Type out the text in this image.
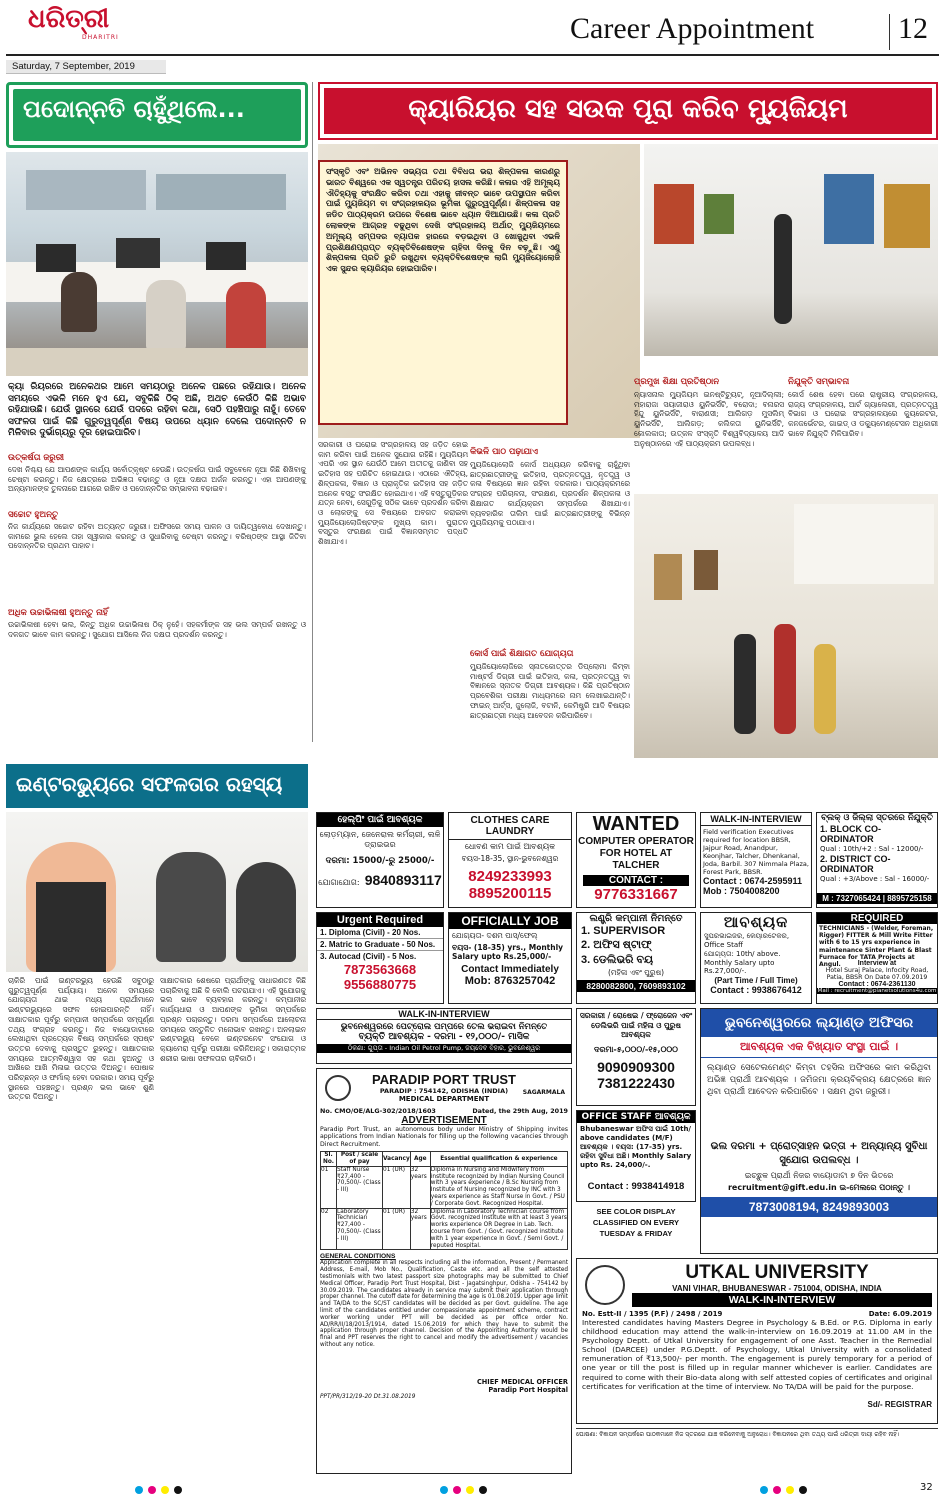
ଧରିତ୍ରୀ
DHARITRI
Saturday, 7 September, 2019
Career Appointment	12
ପଦୋନ୍ନତି ଚାହୁଁଥିଲେ...
କ୍ୟା ରିୟରରେ ଅନେକଥର ଆମେ ସମୟଠାରୁ ଅନେକ ପଛରେ ରହିଯାଉ। ଅନେକ ସମୟରେ ଏଭଳି ମନେ ହୁଏ ଯେ, ସବୁକିଛି ଠିକ୍ ଅଛି, ଅଥଚ କେଉଁଠି କିଛି ଅଭାବ ରହିଯାଉଛି। ଯେଉଁ ସ୍ଥାନରେ ଯେଉଁ ପଦରେ ରହିବା କଥା, ସେଠି ପହଞ୍ଚିପାରୁ ନାହୁଁ। ତେବେ ସଫଳତା ପାଇଁ କିଛି ଗୁରୁତ୍ୱପୂର୍ଣ୍ଣ ବିଷୟ ଉପରେ ଧ୍ୟାନ ଦେଲେ ପଦୋନ୍ନତି ନ ମିଳିବାର ଦୁର୍ଭାଗ୍ୟରୁ ଦୂର ହୋଇପାରିବ।
ଉତ୍କର୍ଷତା ଜରୁରୀ
ଦେଖ ନିଶ୍ଚୟ ଯେ ଆପଣଙ୍କ କାର୍ଯ୍ୟ ସର୍ବୋତ୍କୃଷ୍ଟ ହେଉଛି। ଉତ୍କର୍ଷତା ପାଇଁ ସବୁବେଳେ ନୂଆ କିଛି ଶିଖିବାକୁ ଚେଷ୍ଟା କରନ୍ତୁ। ନିଜ କ୍ଷେତ୍ରରେ ଅଭିଜ୍ଞତା ବଢାନ୍ତୁ ଓ ନୂଆ ଦକ୍ଷତା ଅର୍ଜନ କରନ୍ତୁ। ଏହା ଆପଣଙ୍କୁ ଅନ୍ୟମାନଙ୍କ ତୁଳନାରେ ଆଗରେ ରଖିବ ଓ ପଦୋନ୍ନତିର ସମ୍ଭାବନା ବଢାଇବ।
ସଚ୍ଚୋଟ ହୁଅନ୍ତୁ
ନିଜ କାର୍ଯ୍ୟରେ ସଚ୍ଚୋଟ ରହିବା ଅତ୍ୟନ୍ତ ଜରୁରୀ। ଅଫିସରେ ସମୟ ପାଳନ ଓ ଦାୟିତ୍ୱବୋଧ ଦେଖାନ୍ତୁ। କାମରେ ଭୁଲ ହେଲେ ତାହା ସ୍ୱୀକାର କରନ୍ତୁ ଓ ସୁଧାରିବାକୁ ଚେଷ୍ଟା କରନ୍ତୁ। ବରିଷ୍ଠଙ୍କ ଆସ୍ଥା ଜିତିବା ପଦୋନ୍ନତିର ପ୍ରଥମ ପାହାଚ।
ଅଧିକ ଉଚ୍ଚାଭିଳାଷୀ ହୁଅନ୍ତୁ ନାହିଁ
ଉଚ୍ଚାଭିଳାଷୀ ହେବା ଭଲ, କିନ୍ତୁ ଅଧିକ ଉଚ୍ଚାଭିଳାଷ ଠିକ୍ ନୁହେଁ। ସହକର୍ମୀଙ୍କ ସହ ଭଲ ସମ୍ପର୍କ ରଖନ୍ତୁ ଓ ଦଳଗତ ଭାବେ କାମ କରନ୍ତୁ। ସୁଯୋଗ ଆସିଲେ ନିଜ ଦକ୍ଷତା ପ୍ରଦର୍ଶନ କରନ୍ତୁ।
କ୍ୟାରିୟର ସହ ସଉକ ପୂରା କରିବ ମ୍ୟୁଜିୟମ
ସଂସ୍କୃତି ଏବଂ ଅଭିନବ ସଭ୍ୟତା ତଥା ବିବିଧତା ଭରା ଶିଳ୍ପକଳା କାରଣରୁ ଭାରତ ବିଶ୍ୱରେ ଏକ ସ୍ୱତନ୍ତ୍ର ପରିଚୟ ହାସଲ କରିଛି। କଳାର ଏହି ଅମୂଲ୍ୟ ଐତିହ୍ୟକୁ ସଂରକ୍ଷିତ କରିବା ତଥା ଏହାକୁ ଜୀବନ୍ତ ଭାବେ ଉପସ୍ଥାପନ କରିବା ପାଇଁ ମ୍ୟୁଜିୟମ ବା ସଂଗ୍ରହାଳୟର ଭୂମିକା ଗୁରୁତ୍ୱପୂର୍ଣ୍ଣ। ଶିଳ୍ପକଳା ସହ ଜଡିତ ପାଠ୍ୟକ୍ରମ ଉପରେ ବିଶେଷ ଭାବେ ଧ୍ୟାନ ଦିଆଯାଉଛି। କଳା ପ୍ରତି ଲୋକଙ୍କ ଆଗ୍ରହ ବଢୁଥିବା ଦେଖି ସଂଗ୍ରହାଳୟ ଅର୍ଥାତ୍ ମ୍ୟୁଜିୟମରେ ଅମୂଲ୍ୟ ସମ୍ପଦର ବ୍ୟାପକ ହାରରେ ବଡ଼ଇଥିବା ଓ ଖୋଜୁଥିବା ଏଭଳି ପ୍ରଶିକ୍ଷଣପ୍ରାପ୍ତ ବ୍ୟକ୍ତିବିଶେଷଙ୍କ ଚାହିଦା ଦିନକୁ ଦିନ ବଢ଼ୁଛି। ଏଣୁ ଶିଳ୍ପକଳା ପ୍ରତି ରୁଚି ରଖୁଥିବା ବ୍ୟକ୍ତିବିଶେଷଙ୍କ ଲାଗି ମ୍ୟୁଜିୟୋଲୋଜି ଏକ ସୁନ୍ଦର କ୍ୟାରିୟର ହୋଇପାରିବ।
ସରକାରୀ ଓ ଘରୋଇ ସଂଗ୍ରହାଳୟ ସହ ଜଡ଼ିତ ହୋଇ କାମ କରିବା ପାଇଁ ଅନେକ ସୁଯୋଗ ରହିଛି। ମ୍ୟୁଜିୟମ ଏପରି ଏକ ସ୍ଥାନ ଯେଉଁଠି ଆମେ ଅତୀତକୁ ଜାଣିବା ସହ ଇତିହାସ ସହ ପରିଚିତ ହୋଇଥାଉ। ଏଠାରେ ଐତିହ୍ୟ, ଶିଳ୍ପକଳା, ବିଜ୍ଞାନ ଓ ପ୍ରାକୃତିକ ଇତିହାସ ସହ ଜଡ଼ିତ ଅନେକ ବସ୍ତୁ ସଂରକ୍ଷିତ ହୋଇଥାଏ। ଏହି ବସ୍ତୁଗୁଡ଼ିକର ଯତ୍ନ ନେବା, ସେଗୁଡ଼ିକୁ ସଠିକ ଭାବେ ପ୍ରଦର୍ଶନ କରିବା ଓ ଲୋକଙ୍କୁ ସେ ବିଷୟରେ ଅବଗତ କରାଇବା ମ୍ୟୁଜିୟୋଲୋଜିଷ୍ଟଙ୍କ ମୁଖ୍ୟ କାମ। ପୁରାତନ ବସ୍ତୁର ସଂରକ୍ଷଣ ପାଇଁ ବିଜ୍ଞାନସମ୍ମତ ପଦ୍ଧତି ଶିଖାଯାଏ।
କିଭଳି ପାଠ ପଢ଼ାଯାଏ
ମ୍ୟୁଜିୟୋଲୋଜି କୋର୍ସ ଅଧ୍ୟୟନ କରିବାକୁ ଚାହୁଁଥିବା ଛାତ୍ରଛାତ୍ରୀଙ୍କୁ ଇତିହାସ, ପ୍ରତ୍ନତତ୍ତ୍ୱ, ନୃତତ୍ତ୍ୱ ଓ କଳା ବିଷୟରେ ଜ୍ଞାନ ରହିବା ଦରକାର। ପାଠ୍ୟକ୍ରମରେ ସଂଗ୍ରହ ପରିଚାଳନା, ସଂରକ୍ଷଣ, ପ୍ରଦର୍ଶନ ଶିଳ୍ପକଳା ଓ ଶିକ୍ଷାଗତ କାର୍ଯ୍ୟକ୍ରମ ସମ୍ପର୍କରେ ଶିଖାଯାଏ। ବ୍ୟବହାରିକ ତାଲିମ ପାଇଁ ଛାତ୍ରଛାତ୍ରୀଙ୍କୁ ବିଭିନ୍ନ ମ୍ୟୁଜିୟମକୁ ପଠାଯାଏ।
କୋର୍ସ ପାଇଁ ଶିକ୍ଷାଗତ ଯୋଗ୍ୟତା
ମ୍ୟୁଜିୟୋଲୋଜିରେ ସ୍ନାତକୋତ୍ତର ଡିପ୍ଲୋମା କିମ୍ବା ମାଷ୍ଟର୍ସ ଡିଗ୍ରୀ ପାଇଁ ଇତିହାସ, କଳା, ପ୍ରତ୍ନତତ୍ତ୍ୱ ବା ବିଜ୍ଞାନରେ ସ୍ନାତକ ଡିଗ୍ରୀ ଆବଶ୍ୟକ। କିଛି ପ୍ରତିଷ୍ଠାନ ପ୍ରବେଶିକା ପରୀକ୍ଷା ମାଧ୍ୟମରେ ନାମ ଲେଖାଇଥାନ୍ତି। ଫାଇନ୍ ଆର୍ଟ୍ସ, ଜୁଲୋଜି, ବଟାନି, କେମିଷ୍ଟ୍ରି ଆଦି ବିଷୟର ଛାତ୍ରଛାତ୍ରୀ ମଧ୍ୟ ଆବେଦନ କରିପାରିବେ।
ପ୍ରମୁଖ ଶିକ୍ଷା ପ୍ରତିଷ୍ଠାନ
ନ୍ୟାସନାଲ ମ୍ୟୁଜିୟମ ଇନଷ୍ଟିଚ୍ୟୁଟ୍, ନୂଆଦିଲ୍ଲୀ; ମହାରାଜା ସୟାଜୀରାଓ ୟୁନିଭର୍ସିଟି, ବରୋଦା; ବନାରସ ହିନ୍ଦୁ ୟୁନିଭର୍ସିଟି, ବାରାଣସୀ; ଆଲିଗଡ଼ ମୁସଲିମ୍ ୟୁନିଭର୍ସିଟି, ଆଲିଗଡ଼; କଲିକତା ୟୁନିଭର୍ସିଟି, କୋଲକାତା; ଉତ୍କଳ ସଂସ୍କୃତି ବିଶ୍ୱବିଦ୍ୟାଳୟ ଆଦି ଅନୁଷ୍ଠାନରେ ଏହି ପାଠ୍ୟକ୍ରମ ଉପଲବ୍ଧ।
ନିଯୁକ୍ତି ସମ୍ଭାବନା
କୋର୍ସ ଶେଷ ହେବା ପରେ ରାଷ୍ଟ୍ରୀୟ ସଂଗ୍ରହାଳୟ, ରାଜ୍ୟ ସଂଗ୍ରହାଳୟ, ଆର୍ଟ ଗ୍ୟାଲେରୀ, ପ୍ରତ୍ନତତ୍ତ୍ୱ ବିଭାଗ ଓ ଘରୋଇ ସଂଗ୍ରହାଳୟରେ କ୍ୟୁରେଟର, କନଜର୍ଭେଟର, ଗାଇଡ୍ ଓ ଡକ୍ୟୁମେଣ୍ଟେସନ ଅଧିକାରୀ ଭାବେ ନିଯୁକ୍ତି ମିଳିପାରିବ।
ଇଣ୍ଟରଭ୍ୟୁରେ ସଫଳତାର ରହସ୍ୟ
ଚାକିରି ପାଇଁ ଇଣ୍ଟରଭ୍ୟୁ ହେଉଛି ସବୁଠାରୁ ଗୁରୁତ୍ୱପୂର୍ଣ୍ଣ ପର୍ଯ୍ୟାୟ। ଅନେକ ସମୟରେ ଯୋଗ୍ୟତା ଥାଇ ମଧ୍ୟ ପ୍ରାର୍ଥୀମାନେ ଇଣ୍ଟରଭ୍ୟୁରେ ସଫଳ ହୋଇପାରନ୍ତି ନାହିଁ। ସାକ୍ଷାତକାର ପୂର୍ବରୁ କମ୍ପାନୀ ସମ୍ପର୍କରେ ସମ୍ପୂର୍ଣ୍ଣ ତଥ୍ୟ ସଂଗ୍ରହ କରନ୍ତୁ। ନିଜ ବାୟୋଡାଟାରେ ଲେଖାଥିବା ପ୍ରତ୍ୟେକ ବିଷୟ ସମ୍ପର୍କରେ ସ୍ପଷ୍ଟ ଉତ୍ତର ଦେବାକୁ ପ୍ରସ୍ତୁତ ରୁହନ୍ତୁ। ସାକ୍ଷାତକାର ସମୟରେ ଆତ୍ମବିଶ୍ୱାସ ସହ କଥା ହୁଅନ୍ତୁ ଓ ଆଖିରେ ଆଖି ମିଳାଇ ଉତ୍ତର ଦିଅନ୍ତୁ। ପୋଷାକ ପରିଚ୍ଛନ୍ନ ଓ ଫର୍ମାଲ୍ ହେବା ଦରକାର। ସମୟ ପୂର୍ବରୁ ସ୍ଥାନରେ ପହଞ୍ଚନ୍ତୁ। ପ୍ରଶ୍ନ ଭଲ ଭାବେ ଶୁଣି ଉତ୍ତର ଦିଅନ୍ତୁ।
ସାକ୍ଷାତକାର ଶେଷରେ ପ୍ରାର୍ଥୀଙ୍କୁ ସାଧାରଣତଃ କିଛି ପଚାରିବାକୁ ଅଛି କି ବୋଲି ପଚରାଯାଏ। ଏହି ସୁଯୋଗକୁ ଭଲ ଭାବେ ବ୍ୟବହାର କରନ୍ତୁ। କମ୍ପାନୀର କାର୍ଯ୍ୟଧାରା ଓ ଆପଣଙ୍କ ଭୂମିକା ସମ୍ପର୍କରେ ପ୍ରଶ୍ନ ପଚାରନ୍ତୁ। ଦରମା ସମ୍ପର୍କରେ ଆଲୋଚନା ସମୟରେ ସନ୍ତୁଳିତ ମନୋଭାବ ରଖନ୍ତୁ। ଅନଲାଇନ ଇଣ୍ଟରଭ୍ୟୁ ବେଳେ ଇଣ୍ଟରନେଟ ସଂଯୋଗ ଓ କ୍ୟାମେରା ପୂର୍ବରୁ ପରୀକ୍ଷା କରିନିଅନ୍ତୁ। ସକାରାତ୍ମକ ଶରୀର ଭାଷା ସଫଳତାର ଚାବିକାଠି।
ହେଲ୍ପିଂ ପାଇଁ ଆବଶ୍ୟକ
ଲୋଡ଼ମ୍ୟାନ, ଜେନେରାଲ କର୍ମଚାରୀ, ଲଳି ଡ୍ରାଇଭର
ଦରମା: 15000/-ରୁ 25000/-
ଯୋଗାଯୋଗ: 9840893117
CLOTHES CARE LAUNDRY
ଧୋବଣ କାମ ପାଇଁ ଆବଶ୍ୟକ
ବୟସ-18-35, ସ୍ଥାନ-ଭୁବନେଶ୍ୱର
8249233993
8895200115
WANTED
COMPUTER OPERATOR FOR HOTEL AT TALCHER
CONTACT :
9776331667
WALK-IN-INTERVIEW
Field verification Executives required for location BBSR, Jajpur Road, Anandpur, Keonjhar, Talcher, Dhenkanal, Joda, Barbil. 307 Nimmala Plaza, Forest Park, BBSR.
Contact : 0674-2595911
Mob : 7504008200
ବ୍ଲକ୍ ଓ ଜିଲ୍ଲା ସ୍ତରରେ ନିଯୁକ୍ତି
1. BLOCK CO-ORDINATOR
Qual : 10th/+2 : Sal - 12000/-
2. DISTRICT CO-ORDINATOR
Qual : +3/Above : Sal - 16000/-
M : 7327065424 | 8895725158
Urgent Required
1. Diploma (Civil) - 20 Nos.
2. Matric to Graduate - 50 Nos.
3. Autocad (Civil) - 5 Nos.
7873563668
9556880775
OFFICIALLY JOB
ଯୋଗ୍ୟତା- ଦଶମ ପାସ୍/ଫେଲ୍
ବୟସ- (18-35) yrs., Monthly Salary upto Rs.25,000/-
Contact Immediately
Mob: 8763257042
ଲଣ୍ଡ୍ରି କମ୍ପାନୀ ନିମନ୍ତେ
1. SUPERVISOR
2. ଅଫିସ ଷ୍ଟାଫ୍
3. ଡେଲିଭରି ବୟ
(ମହିଳା ଏବଂ ପୁରୁଷ)
8280082800, 7609893102
ଆବଶ୍ୟକ
ସୁପରଭାଇଜର, କେୟାରଟେକର, Office Staff
ଯୋଗ୍ୟତା: 10th/ above. Monthly Salary upto Rs.27,000/-.
(Part Time / Full Time)
Contact : 9938676412
REQUIRED
TECHNICIANS - (Welder, Foreman, Rigger) FITTER & Mill Write Fitter with 6 to 15 yrs experience in maintenance Sinter Plant & Blast Furnace for TATA Projects at Angul.	Interview at
Hotel Suraj Palace, Infocity Road, Patia, BBSR On Date 07.09.2019
Contact : 0674-2361130
Mail : recruitment@planetsolutions4u.com
WALK-IN-INTERVIEW
ଭୁବନେଶ୍ୱରରେ ପେଟ୍ରୋଲ ପମ୍ପରେ ତେଲ ଭରାଇବା ନିମନ୍ତେ
ବ୍ୟକ୍ତି ଆବଶ୍ୟକ - ଦରମା - ୧୨,୦୦୦/- ମାସିକ
ଠିକଣା: ଗୁପ୍ତା - Indian Oil Petrol Pump, ଜୟଦେବ ବିହାର, ଭୁବନେଶ୍ୱର
ସରକାରୀ / ରୋଷେଇ / ଫ୍ରୋଜେନ ଏବଂ ଡେଲିଭରି ପାଇଁ ମହିଳା ଓ ପୁରୁଷ ଆବଶ୍ୟକ
ଦରମା-୫,୦୦୦/-୧୫,୦୦୦
9090909300
7381222430
OFFICE STAFF ଆବଶ୍ୟକ
Bhubaneswar ଅଫିସ ପାଇଁ 10th/ above candidates (M/F) ଆବଶ୍ୟକ । ବୟସ: (17-35) yrs. ରହିବା ସୁବିଧା ଅଛି। Monthly Salary upto Rs. 24,000/-.
Contact : 9938414918
SEE COLOR DISPLAY CLASSIFIED ON EVERY TUESDAY & FRIDAY
ଭୁବନେଶ୍ୱରରେ ଲ୍ୟାଣ୍ଡ ଅଫିସର
ଆବଶ୍ୟକ ଏକ ବିଖ୍ୟାତ ସଂସ୍ଥା ପାଇଁ ।
ଲ୍ୟାଣ୍ଡ ସେଟେଲମେଣ୍ଟ କିମ୍ବା ତହସିଲ ଅଫିସରେ କାମ କରିଥିବା ଅଭିଜ୍ଞ ପ୍ରାର୍ଥୀ ଆବଶ୍ୟକ । ଜମିଜମା କ୍ରୟବିକ୍ରୟ କ୍ଷେତ୍ରରେ ଜ୍ଞାନ ଥିବା ପ୍ରାର୍ଥୀ ଆବେଦନ କରିପାରିବେ । ସକ୍ଷମ ଥିବା ଜରୁରୀ।
ଭଲ ଦରମା + ପ୍ରୋତ୍ସାହନ ଭତ୍ତା + ଅନ୍ୟାନ୍ୟ ସୁବିଧା ସୁଯୋଗ ଉପଲବ୍ଧ ।
ଇଚ୍ଛୁକ ପ୍ରାର୍ଥୀ ନିଜର ବାୟୋଡାଟା ୭ ଦିନ ଭିତରେ
recruitment@gift.edu.in ଇ-ମେଲରେ ପଠାନ୍ତୁ ।
7873008194, 8249893003
PARADIP PORT TRUST
PARADIP : 754142, ODISHA (INDIA)
MEDICAL DEPARTMENT
SAGARMALA
No. CMO/OE/ALG-302/2018/1603	Dated, the 29th Aug, 2019
ADVERTISEMENT
Paradip Port Trust, an autonomous body under Ministry of Shipping invites applications from Indian Nationals for filling up the following vacancies through Direct Recruitment.
Sl. No.	Post / scale of pay	Vacancy	Age	Essential qualification & experience
01	Staff Nurse ₹27,400 - 70,500/- (Class - III)	01 (UR)	32 years	Diploma in Nursing and Midwifery from institute recognized by Indian Nursing Council with 3 years experience / B.Sc Nursing from Institute of Nursing recognized by INC with 3 years experience as Staff Nurse in Govt. / PSU / Corporate Govt. Recognized Hospital.
02	Laboratory Technician ₹27,400 - 70,500/- (Class - III)	01 (UR)	32 years	Diploma in Laboratory Technician course from Govt. recognized Institute with at least 3 years works experience OR Degree in Lab. Tech. course from Govt. / Govt. recognized institute with 1 year experience in Govt. / Semi Govt. / reputed Hospital.
GENERAL CONDITIONS
Application complete in all respects including all the information, Present / Permanent Address, E-mail, Mob No., Qualification, Caste etc. and all the self attested testimonials with two latest passport size photographs may be submitted to Chief Medical Officer, Paradip Port Trust Hospital, Dist - Jagatsinghpur, Odisha - 754142 by 30.09.2019. The candidates already in service may submit their application through proper channel. The cutoff date for determining the age is 01.08.2019. Upper age limit and TA/DA to the SC/ST candidates will be decided as per Govt. guideline. The age limit of the candidates entitled under compassionate appointment scheme, contract worker working under PPT will be decided as per office order No. AD/RR/II/18/2013/1914, dated 15.06.2019 for which they have to submit the application through proper channel. Decision of the Appointing Authority would be final and PPT reserves the right to cancel and modify the advertisement / vacancies without any notice.
CHIEF MEDICAL OFFICER
Paradip Port Hospital
PPT/PR/312/19-20 Dt.31.08.2019
UTKAL UNIVERSITY
VANI VIHAR, BHUBANESWAR - 751004, ODISHA, INDIA
WALK-IN-INTERVIEW
No. Estt-II / 1395 (P.F) / 2498 / 2019	Date: 6.09.2019
Interested candidates having Masters Degree in Psychology & B.Ed. or P.G. Diploma in early childhood education may attend the walk-in-interview on 16.09.2019 at 11.00 AM in the Psychology Deptt. of Utkal University for engagement of one Asst. Teacher in the Remedial School (DARCEE) under P.G.Deptt. of Psychology, Utkal University with a consolidated remuneration of ₹13,500/- per month. The engagement is purely temporary for a period of one year or till the post is filled up in regular manner whichever is earlier. Candidates are required to come with their Bio-data along with self attested copies of certificates and original certificates for verification at the time of interview. No TA/DA will be paid for the purpose.
Sd/- REGISTRAR
ଘୋଷଣା: ବିଜ୍ଞାପନ ସମ୍ପର୍କରେ ପାଠକମାନେ ନିଜ ସ୍ତରରେ ଯାଞ୍ଚ କରିନେବାକୁ ଅନୁରୋଧ। ବିଜ୍ଞାପନରେ ଥିବା ତଥ୍ୟ ପାଇଁ ଧରିତ୍ରୀ ଦାୟୀ ରହିବ ନାହିଁ।
32
